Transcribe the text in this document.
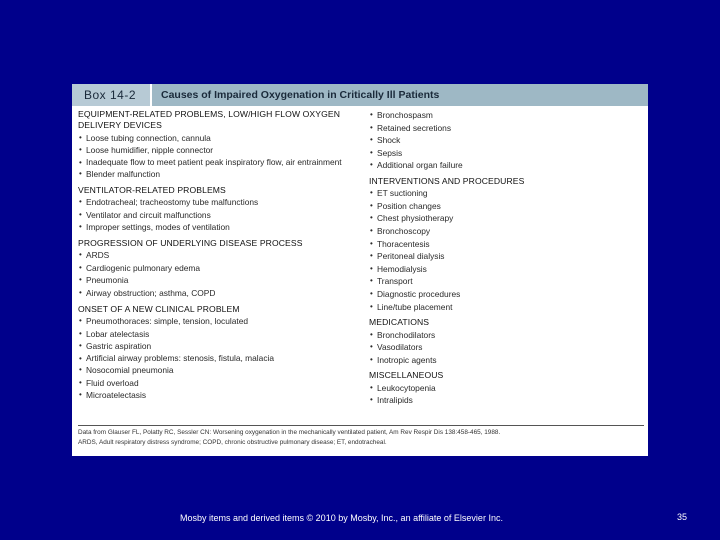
Box 14-2	Causes of Impaired Oxygenation in Critically Ill Patients
EQUIPMENT-RELATED PROBLEMS, LOW/HIGH FLOW OXYGEN DELIVERY DEVICES
• Loose tubing connection, cannula
• Loose humidifier, nipple connector
• Inadequate flow to meet patient peak inspiratory flow, air entrainment
• Blender malfunction
VENTILATOR-RELATED PROBLEMS
• Endotracheal; tracheostomy tube malfunctions
• Ventilator and circuit malfunctions
• Improper settings, modes of ventilation
PROGRESSION OF UNDERLYING DISEASE PROCESS
• ARDS
• Cardiogenic pulmonary edema
• Pneumonia
• Airway obstruction; asthma, COPD
ONSET OF A NEW CLINICAL PROBLEM
• Pneumothoraces: simple, tension, loculated
• Lobar atelectasis
• Gastric aspiration
• Artificial airway problems: stenosis, fistula, malacia
• Nosocomial pneumonia
• Fluid overload
• Microatelectasis
• Bronchospasm
• Retained secretions
• Shock
• Sepsis
• Additional organ failure
INTERVENTIONS AND PROCEDURES
• ET suctioning
• Position changes
• Chest physiotherapy
• Bronchoscopy
• Thoracentesis
• Peritoneal dialysis
• Hemodialysis
• Transport
• Diagnostic procedures
• Line/tube placement
MEDICATIONS
• Bronchodilators
• Vasodilators
• Inotropic agents
MISCELLANEOUS
• Leukocytopenia
• Intralipids
Data from Glauser FL, Polatty RC, Sessler CN: Worsening oxygenation in the mechanically ventilated patient, Am Rev Respir Dis 138:458-465, 1988.
ARDS, Adult respiratory distress syndrome; COPD, chronic obstructive pulmonary disease; ET, endotracheal.
Mosby items and derived items © 2010 by Mosby, Inc., an affiliate of Elsevier Inc.	35
